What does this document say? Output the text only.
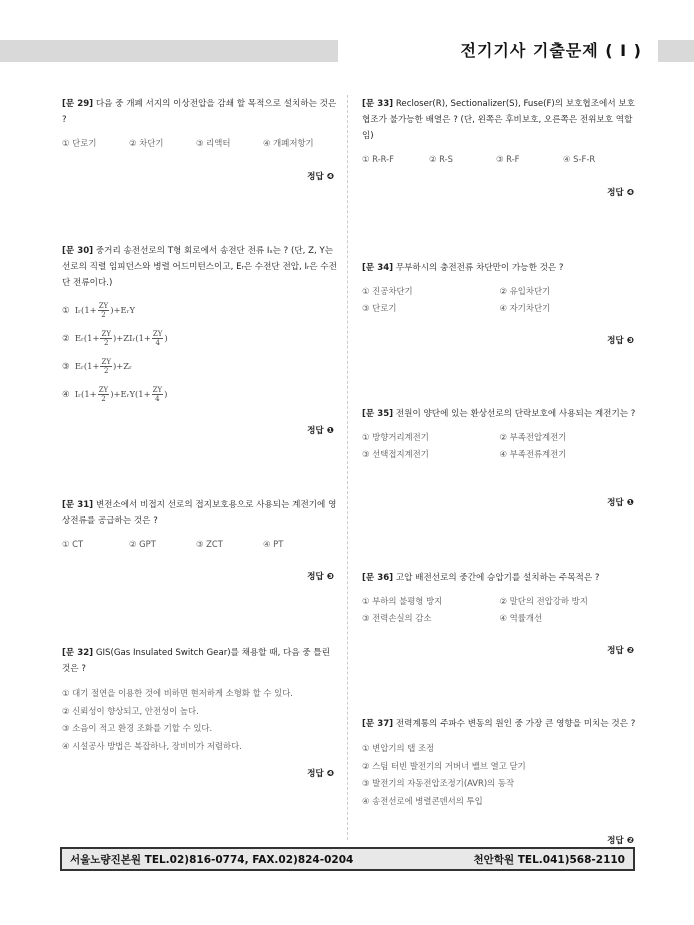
전기기사 기출문제 ( Ⅰ )
[문 29] 다음 중 개폐 서지의 이상전압을 감쇄 할 목적으로 설치하는 것은 ?
① 단로기	② 차단기	③ 리액터	④ 개폐저항기
정답 ❹
[문 30] 중거리 송전선로의 T형 회로에서 송전단 전류 Iₛ는 ? (단, Z, Y는 선로의 직렬 임피던스와 병렬 어드미턴스이고, Eᵣ은 수전단 전압, Iᵣ은 수전단 전류이다.)
①
Iᵣ(1+ $\frac{ZY}{2}$ )+EᵣY
②
Eᵣ(1+ $\frac{ZY}{2}$ )+ZIᵣ(1+ $\frac{ZY}{4}$ )
③
Eᵣ(1+ $\frac{ZY}{2}$ )+Zᵣ
④
Iᵣ(1+ $\frac{ZY}{2}$ )+EᵣY(1+ $\frac{ZY}{4}$ )
정답 ❶
[문 31] 변전소에서 비접지 선로의 접지보호용으로 사용되는 계전기에 영상전류를 공급하는 것은 ?
① CT	② GPT	③ ZCT	④ PT
정답 ❸
[문 32] GIS(Gas Insulated Switch Gear)를 채용할 때, 다음 중 틀린 것은 ?
① 대기 절연을 이용한 것에 비하면 현저하게 소형화 할 수 있다.
② 신뢰성이 향상되고, 안전성이 높다.
③ 소음이 적고 환경 조화를 기할 수 있다.
④ 시설공사 방법은 복잡하나, 장비비가 저렴하다.
정답 ❹
[문 33] Recloser(R), Sectionalizer(S), Fuse(F)의 보호협조에서 보호협조가 불가능한 배열은 ? (단, 왼쪽은 후비보호, 오른쪽은 전위보호 역할임)
① R-R-F	② R-S	③ R-F	④ S-F-R
정답 ❹
[문 34] 무부하시의 충전전류 차단만이 가능한 것은 ?
① 진공차단기	② 유입차단기
③ 단로기	④ 자기차단기
정답 ❸
[문 35] 전원이 양단에 있는 환상선로의 단락보호에 사용되는 계전기는 ?
① 방향거리계전기	② 부족전압계전기
③ 선택접지계전기	④ 부족전류계전기
정답 ❶
[문 36] 고압 배전선로의 중간에 승압기를 설치하는 주목적은 ?
① 부하의 불평형 방지	② 말단의 전압강하 방지
③ 전력손실의 감소	④ 역률개선
정답 ❷
[문 37] 전력계통의 주파수 변동의 원인 중 가장 큰 영향을 미치는 것은 ?
① 변압기의 탭 조정
② 스팀 터빈 발전기의 거버너 밸브 열고 닫기
③ 발전기의 자동전압조정기(AVR)의 동작
④ 송전선로에 병렬콘덴서의 투입
정답 ❷
서울노량진본원 TEL.02)816-0774, FAX.02)824-0204	천안학원 TEL.041)568-2110
